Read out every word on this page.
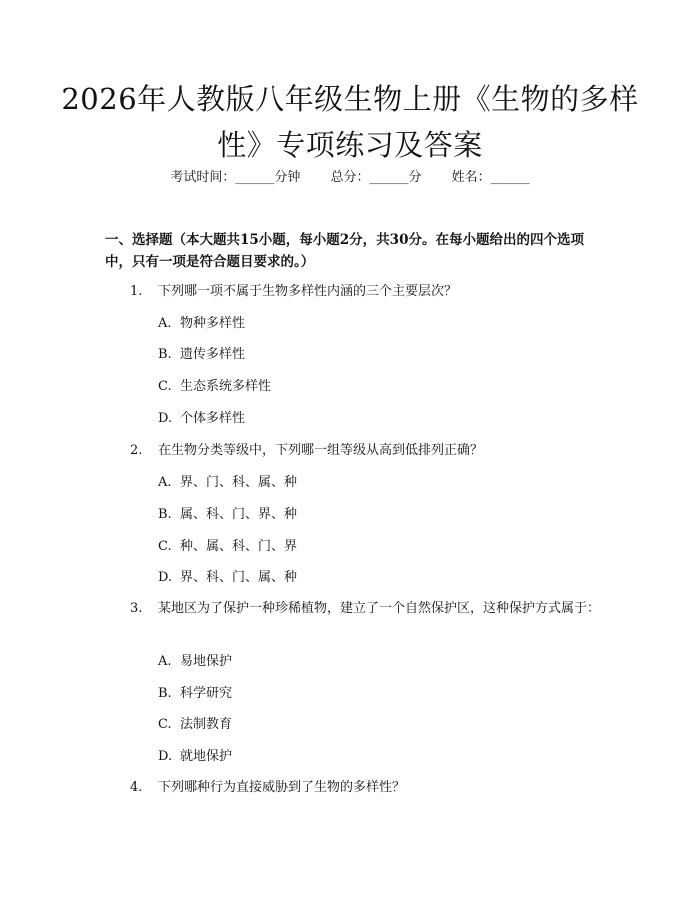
2026年人教版八年级生物上册《生物的多样性》专项练习及答案
考试时间：______分钟 总分：______分 姓名：______

一、选择题（本大题共15小题，每小题2分，共30分。在每小题给出的四个选项中，只有一项是符合题目要求的。）

1. 下列哪一项不属于生物多样性内涵的三个主要层次？
A. 物种多样性
B. 遗传多样性
C. 生态系统多样性
D. 个体多样性
2. 在生物分类等级中，下列哪一组等级从高到低排列正确？
A. 界、门、科、属、种
B. 属、科、门、界、种
C. 种、属、科、门、界
D. 界、科、门、属、种
3. 某地区为了保护一种珍稀植物，建立了一个自然保护区，这种保护方式属于：
A. 易地保护
B. 科学研究
C. 法制教育
D. 就地保护
4. 下列哪种行为直接威胁到了生物的多样性？
